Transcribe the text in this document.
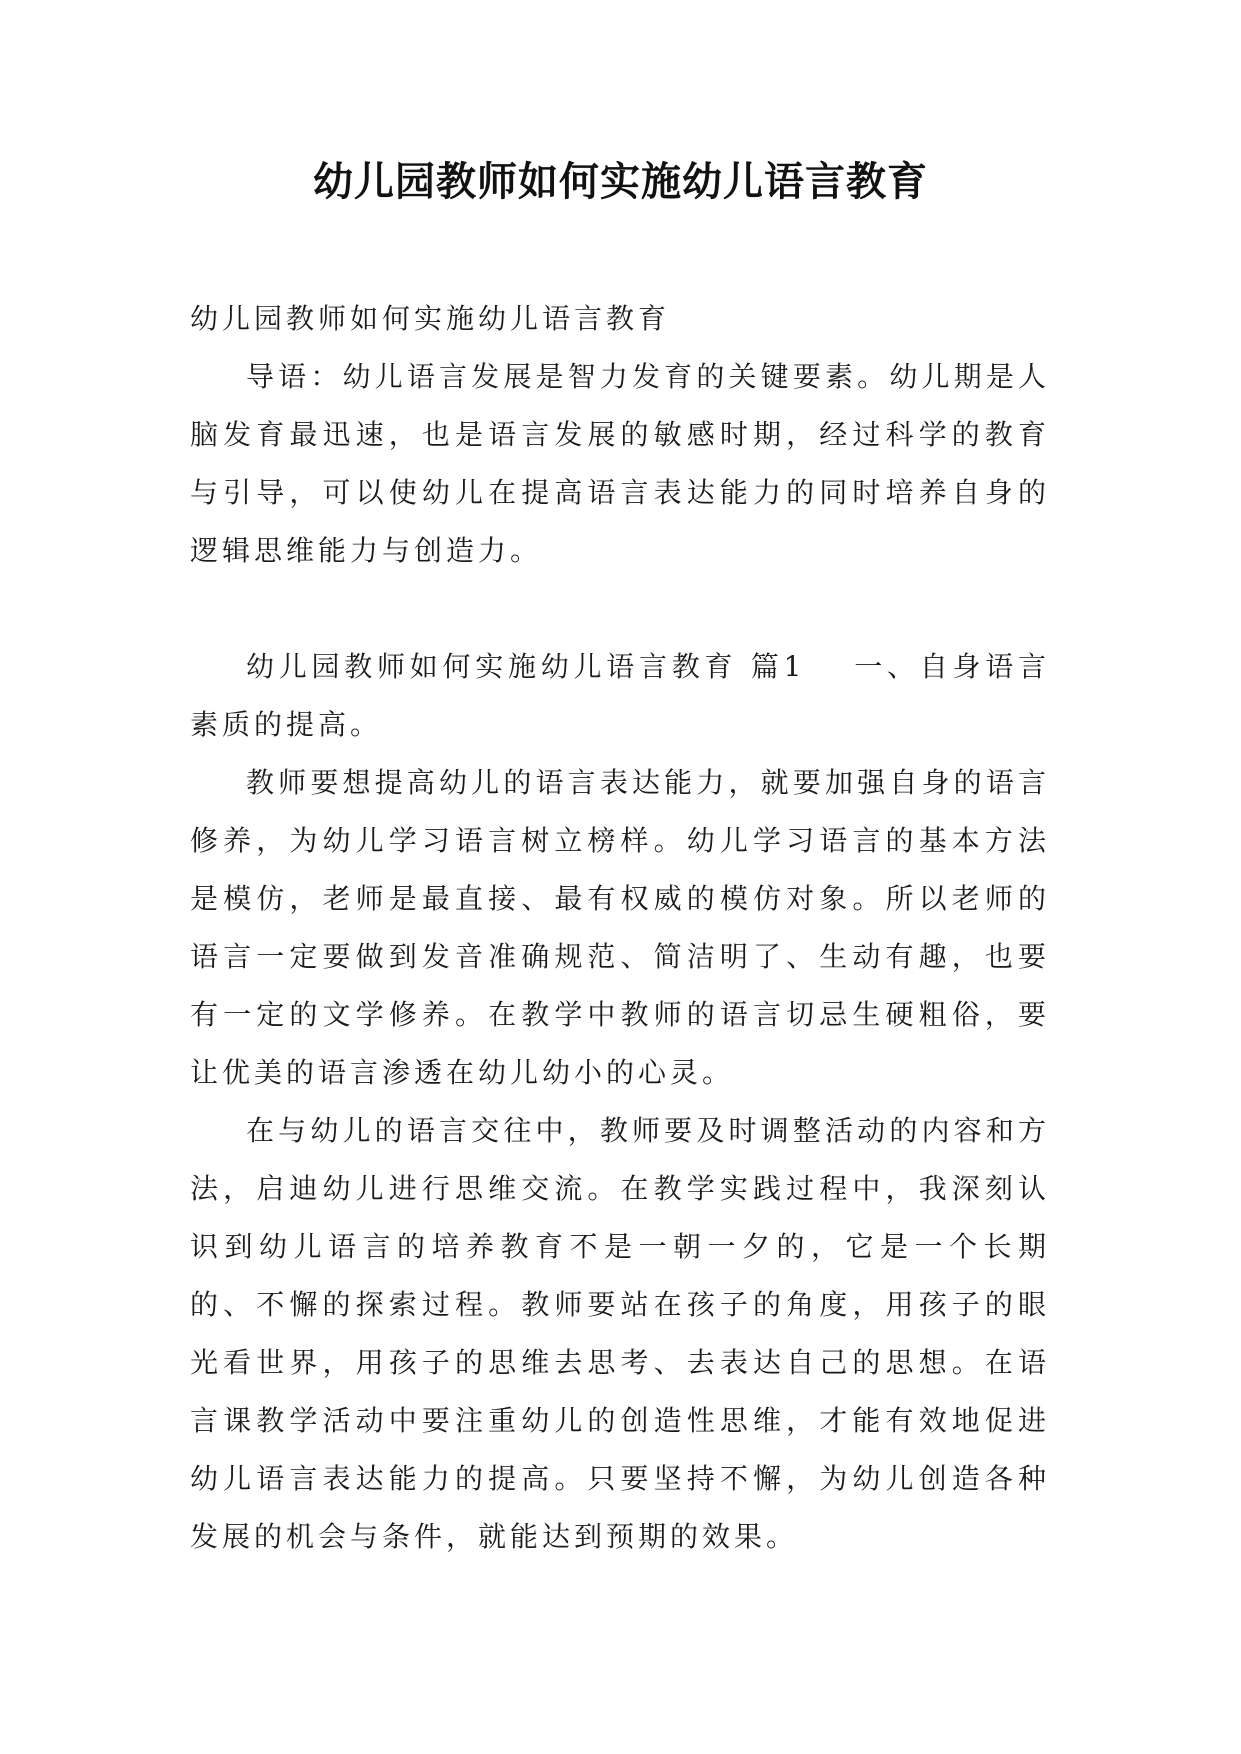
幼儿园教师如何实施幼儿语言教育

幼儿园教师如何实施幼儿语言教育

导语：幼儿语言发展是智力发育的关键要素。幼儿期是人脑发育最迅速，也是语言发展的敏感时期，经过科学的教育与引导，可以使幼儿在提高语言表达能力的同时培养自身的逻辑思维能力与创造力。

幼儿园教师如何实施幼儿语言教育 篇1 一、自身语言素质的提高。

教师要想提高幼儿的语言表达能力，就要加强自身的语言修养，为幼儿学习语言树立榜样。幼儿学习语言的基本方法是模仿，老师是最直接、最有权威的模仿对象。所以老师的语言一定要做到发音准确规范、简洁明了、生动有趣，也要有一定的文学修养。在教学中教师的语言切忌生硬粗俗，要让优美的语言渗透在幼儿幼小的心灵。

在与幼儿的语言交往中，教师要及时调整活动的内容和方法，启迪幼儿进行思维交流。在教学实践过程中，我深刻认识到幼儿语言的培养教育不是一朝一夕的，它是一个长期的、不懈的探索过程。教师要站在孩子的角度，用孩子的眼光看世界，用孩子的思维去思考、去表达自己的思想。在语言课教学活动中要注重幼儿的创造性思维，才能有效地促进幼儿语言表达能力的提高。只要坚持不懈，为幼儿创造各种发展的机会与条件，就能达到预期的效果。
